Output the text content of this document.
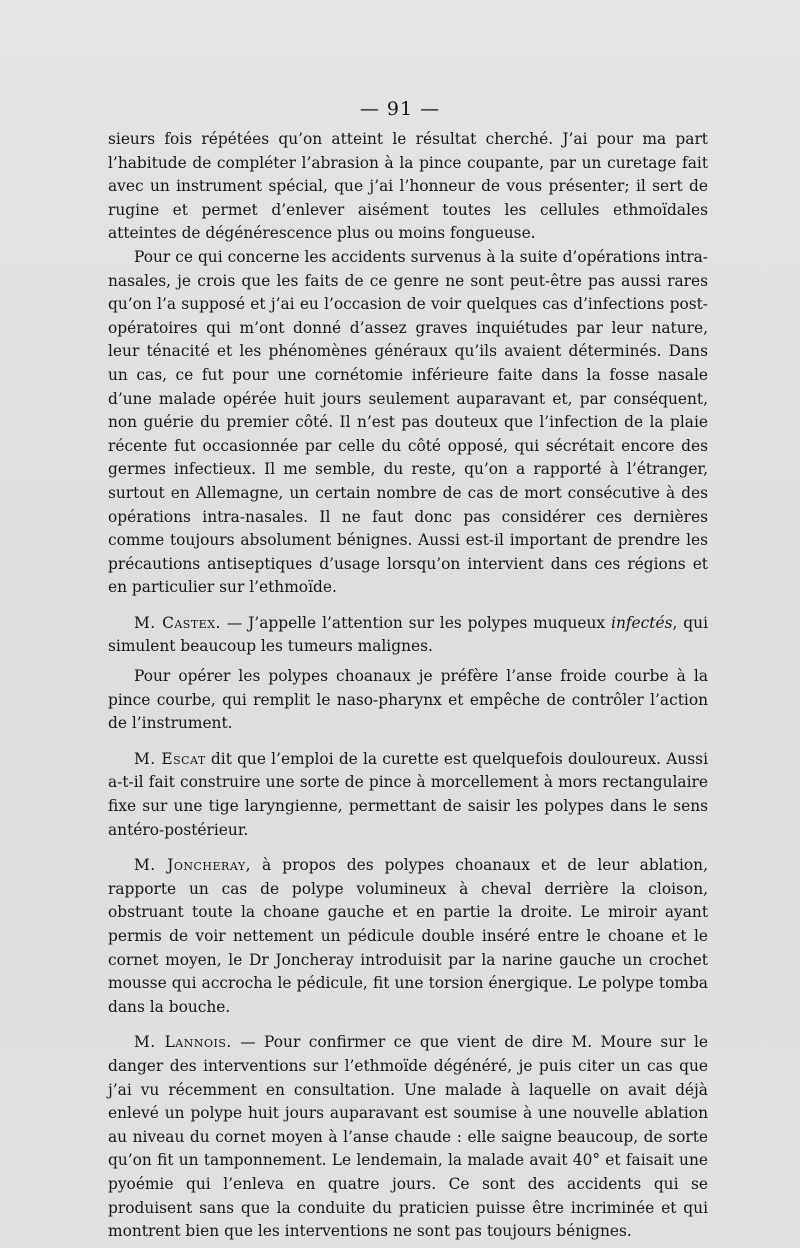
— 91 —

sieurs fois répétées qu’on atteint le résultat cherché. J’ai pour ma part l’habitude de compléter l’abrasion à la pince coupante, par un curetage fait avec un instrument spécial, que j’ai l’honneur de vous présenter; il sert de rugine et permet d’enlever aisément toutes les cellules ethmoïdales atteintes de dégénérescence plus ou moins fongueuse.

Pour ce qui concerne les accidents survenus à la suite d’opérations intra-nasales, je crois que les faits de ce genre ne sont peut-être pas aussi rares qu’on l’a supposé et j’ai eu l’occasion de voir quelques cas d’infections post-opératoires qui m’ont donné d’assez graves inquiétudes par leur nature, leur ténacité et les phénomènes généraux qu’ils avaient déterminés. Dans un cas, ce fut pour une cornétomie inférieure faite dans la fosse nasale d’une malade opérée huit jours seulement auparavant et, par conséquent, non guérie du premier côté. Il n’est pas douteux que l’infection de la plaie récente fut occasionnée par celle du côté opposé, qui sécrétait encore des germes infectieux. Il me semble, du reste, qu’on a rapporté à l’étranger, surtout en Allemagne, un certain nombre de cas de mort consécutive à des opérations intra-nasales. Il ne faut donc pas considérer ces dernières comme toujours absolument bénignes. Aussi est-il important de prendre les précautions antiseptiques d’usage lorsqu’on intervient dans ces régions et en particulier sur l’ethmoïde.

M. Castex. — J’appelle l’attention sur les polypes muqueux infectés, qui simulent beaucoup les tumeurs malignes.

Pour opérer les polypes choanaux je préfère l’anse froide courbe à la pince courbe, qui remplit le naso-pharynx et empêche de contrôler l’action de l’instrument.

M. Escat dit que l’emploi de la curette est quelquefois douloureux. Aussi a-t-il fait construire une sorte de pince à morcellement à mors rectangulaire fixe sur une tige laryngienne, permettant de saisir les polypes dans le sens antéro-postérieur.

M. Joncheray, à propos des polypes choanaux et de leur ablation, rapporte un cas de polype volumineux à cheval derrière la cloison, obstruant toute la choane gauche et en partie la droite. Le miroir ayant permis de voir nettement un pédicule double inséré entre le choane et le cornet moyen, le Dr Joncheray introduisit par la narine gauche un crochet mousse qui accrocha le pédicule, fit une torsion énergique. Le polype tomba dans la bouche.

M. Lannois. — Pour confirmer ce que vient de dire M. Moure sur le danger des interventions sur l’ethmoïde dégénéré, je puis citer un cas que j’ai vu récemment en consultation. Une malade à laquelle on avait déjà enlevé un polype huit jours auparavant est soumise à une nouvelle ablation au niveau du cornet moyen à l’anse chaude : elle saigne beaucoup, de sorte qu’on fit un tamponnement. Le lendemain, la malade avait 40° et faisait une pyoémie qui l’enleva en quatre jours. Ce sont des accidents qui se produisent sans que la conduite du praticien puisse être incriminée et qui montrent bien que les interventions ne sont pas toujours bénignes.
